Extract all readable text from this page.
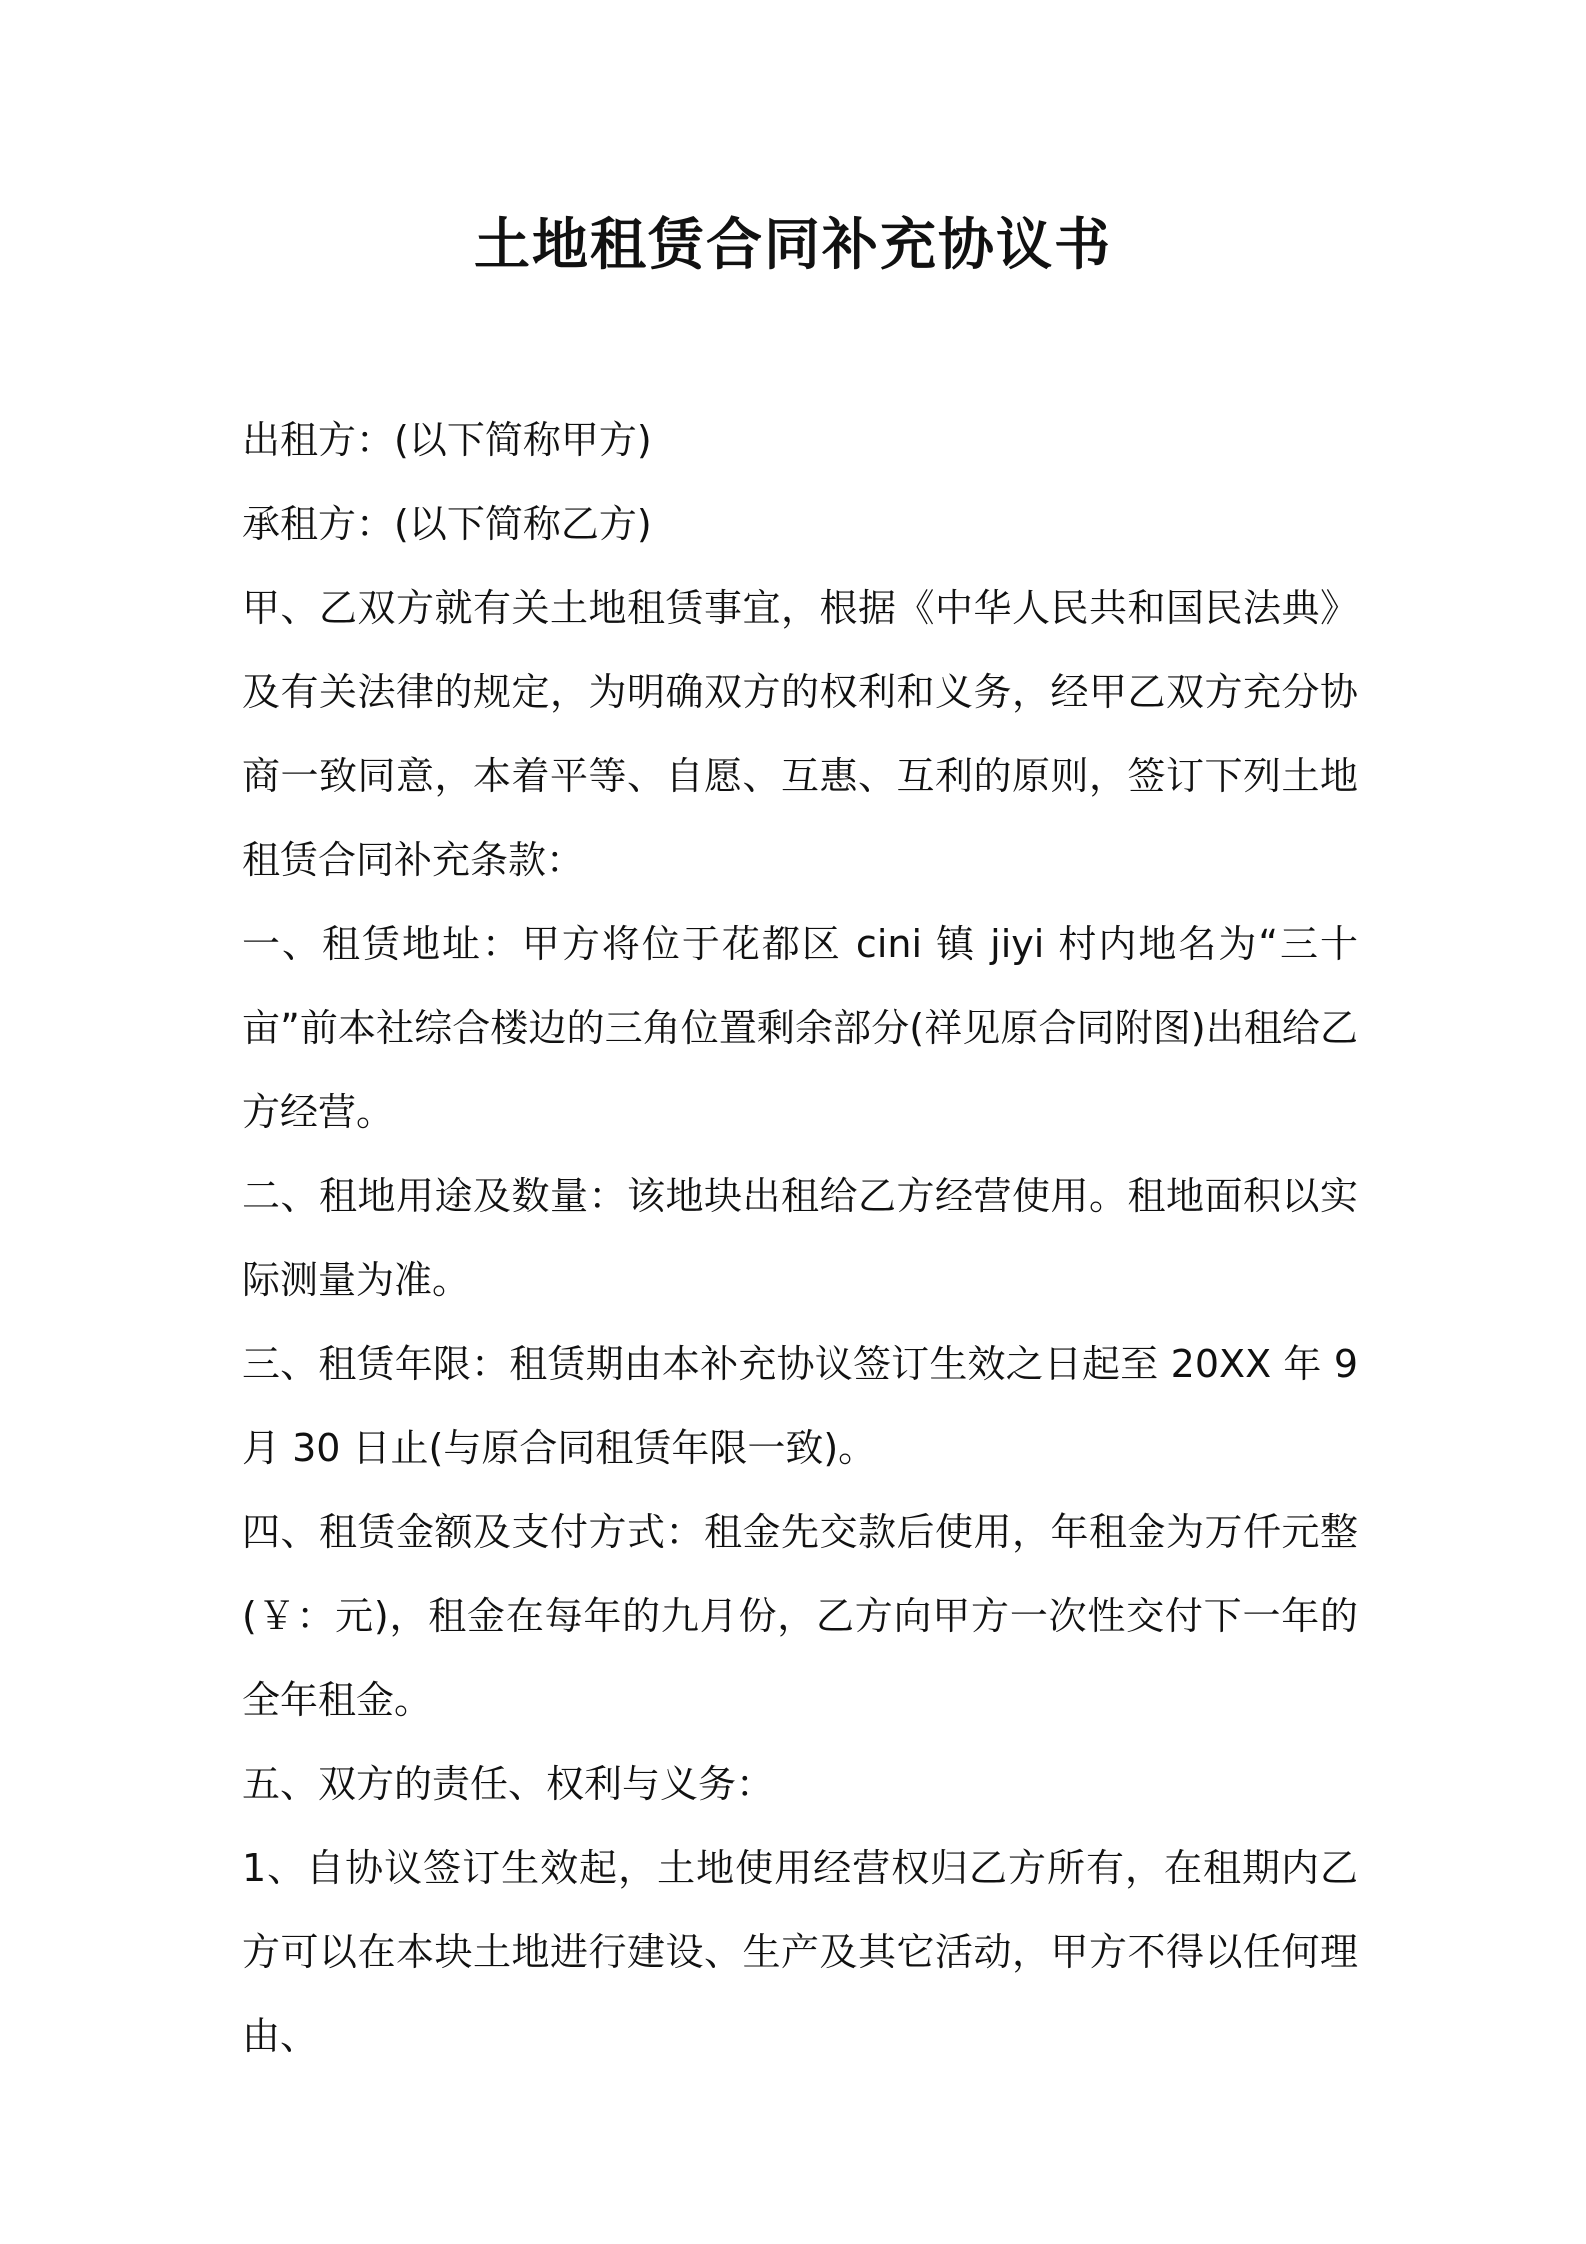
土地租赁合同补充协议书

出租方：(以下简称甲方)

承租方：(以下简称乙方)

甲、乙双方就有关土地租赁事宜，根据《中华人民共和国民法典》及有关法律的规定，为明确双方的权利和义务，经甲乙双方充分协商一致同意，本着平等、自愿、互惠、互利的原则，签订下列土地租赁合同补充条款：

一、租赁地址：甲方将位于花都区 cini 镇 jiyi 村内地名为“三十亩”前本社综合楼边的三角位置剩余部分(祥见原合同附图)出租给乙方经营。

二、租地用途及数量：该地块出租给乙方经营使用。租地面积以实际测量为准。

三、租赁年限：租赁期由本补充协议签订生效之日起至 20XX 年 9 月 30 日止(与原合同租赁年限一致)。

四、租赁金额及支付方式：租金先交款后使用，年租金为万仟元整(￥：元)，租金在每年的九月份，乙方向甲方一次性交付下一年的全年租金。

五、双方的责任、权利与义务：

1、自协议签订生效起，土地使用经营权归乙方所有，在租期内乙方可以在本块土地进行建设、生产及其它活动，甲方不得以任何理由、
